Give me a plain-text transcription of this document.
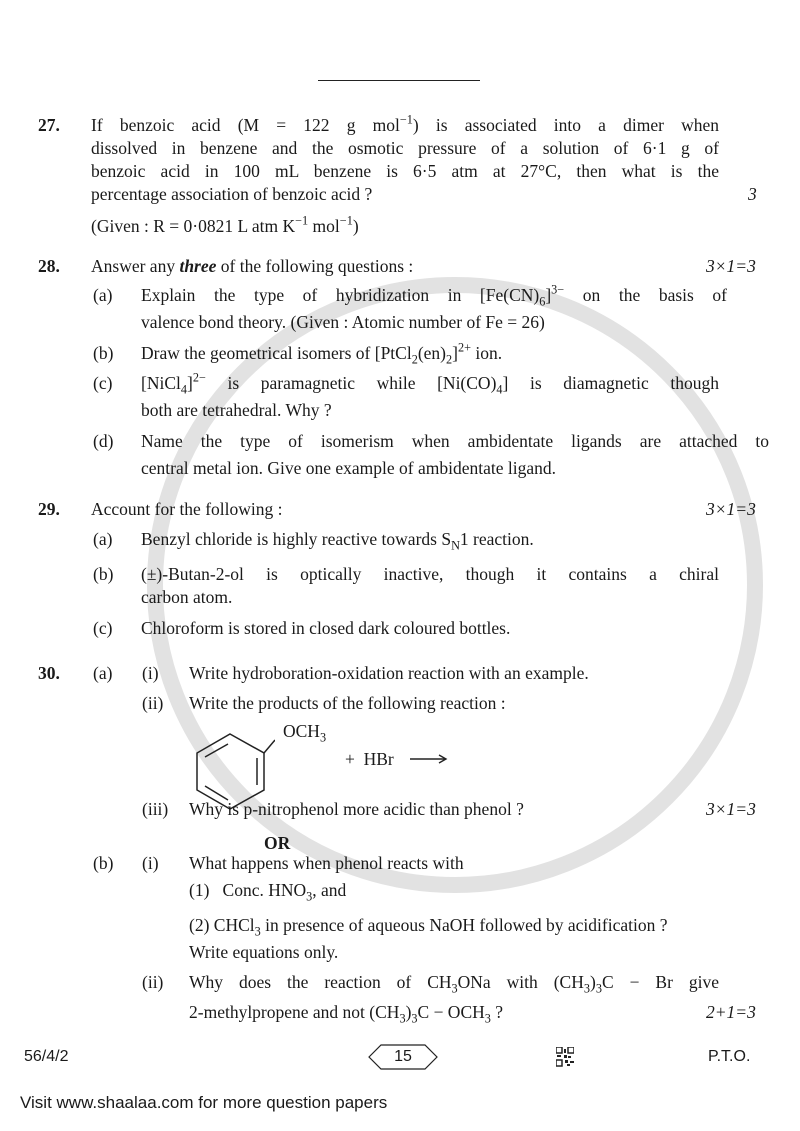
27. If benzoic acid (M = 122 g mol$^{-1}$) is associated into a dimer when
dissolved in benzene and the osmotic pressure of a solution of 6·1 g of
benzoic acid in 100 mL benzene is 6·5 atm at 27°C, then what is the
percentage association of benzoic acid ?	3
(Given : R = 0·0821 L atm $K^{-1}$ mol$^{-1}$)
28. Answer any three of the following questions :	3×1=3
(a) Explain the type of hybridization in $[Fe(CN)_6]^{3-}$ on the basis of
valence bond theory. (Given : Atomic number of Fe = 26)
(b) Draw the geometrical isomers of $[PtCl_2(en)_2]^{2+}$ ion.
(c) [NiCl$_4$]$^{2-}$ is paramagnetic while $[Ni(CO)_4]$ is diamagnetic though
both are tetrahedral. Why ?
(d) Name the type of isomerism when ambidentate ligands are attached to
central metal ion. Give one example of ambidentate ligand.
29. Account for the following :	3×1=3
(a) Benzyl chloride is highly reactive towards $S_N1$ reaction.
(b) (±)-Butan-2-ol is optically inactive, though it contains a chiral
carbon atom.
(c) Chloroform is stored in closed dark coloured bottles.
30. (a) (i) Write hydroboration-oxidation reaction with an example.
(ii) Write the products of the following reaction :
$OCH_3$
+  HBr →
(iii) Why is p-nitrophenol more acidic than phenol ?	3×1=3
OR
(b) (i) What happens when phenol reacts with
(1)   Conc. $HNO_3$, and
(2) CHCl$_3$ in presence of aqueous NaOH followed by acidification ?
Write equations only.
(ii) Why does the reaction of $CH_3ONa$ with $(CH_3)_3C - Br$ give
2-methylpropene and not $(CH_3)_3C - OCH_3$ ?	2+1=3
56/4/2	15	P.T.O.
Visit www.shaalaa.com for more question papers
